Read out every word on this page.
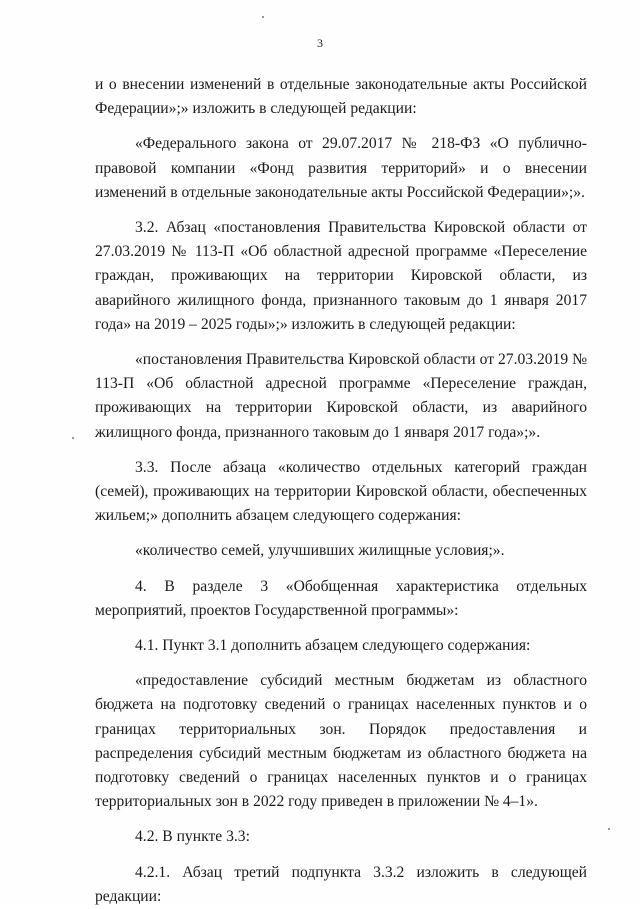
3

и о внесении изменений в отдельные законодательные акты Российской Федерации»;» изложить в следующей редакции:

«Федерального закона от 29.07.2017 № 218-ФЗ «О публично-правовой компании «Фонд развития территорий» и о внесении изменений в отдельные законодательные акты Российской Федерации»;».

3.2. Абзац «постановления Правительства Кировской области от 27.03.2019 № 113-П «Об областной адресной программе «Переселение граждан, проживающих на территории Кировской области, из аварийного жилищного фонда, признанного таковым до 1 января 2017 года» на 2019 – 2025 годы»;» изложить в следующей редакции:

«постановления Правительства Кировской области от 27.03.2019 № 113-П «Об областной адресной программе «Переселение граждан, проживающих на территории Кировской области, из аварийного жилищного фонда, признанного таковым до 1 января 2017 года»;».

3.3. После абзаца «количество отдельных категорий граждан (семей), проживающих на территории Кировской области, обеспеченных жильем;» дополнить абзацем следующего содержания:

«количество семей, улучшивших жилищные условия;».

4. В разделе 3 «Обобщенная характеристика отдельных мероприятий, проектов Государственной программы»:

4.1. Пункт 3.1 дополнить абзацем следующего содержания:

«предоставление субсидий местным бюджетам из областного бюджета на подготовку сведений о границах населенных пунктов и о границах территориальных зон. Порядок предоставления и распределения субсидий местным бюджетам из областного бюджета на подготовку сведений о границах населенных пунктов и о границах территориальных зон в 2022 году приведен в приложении № 4–1».

4.2. В пункте 3.3:

4.2.1. Абзац третий подпункта 3.3.2 изложить в следующей редакции:
